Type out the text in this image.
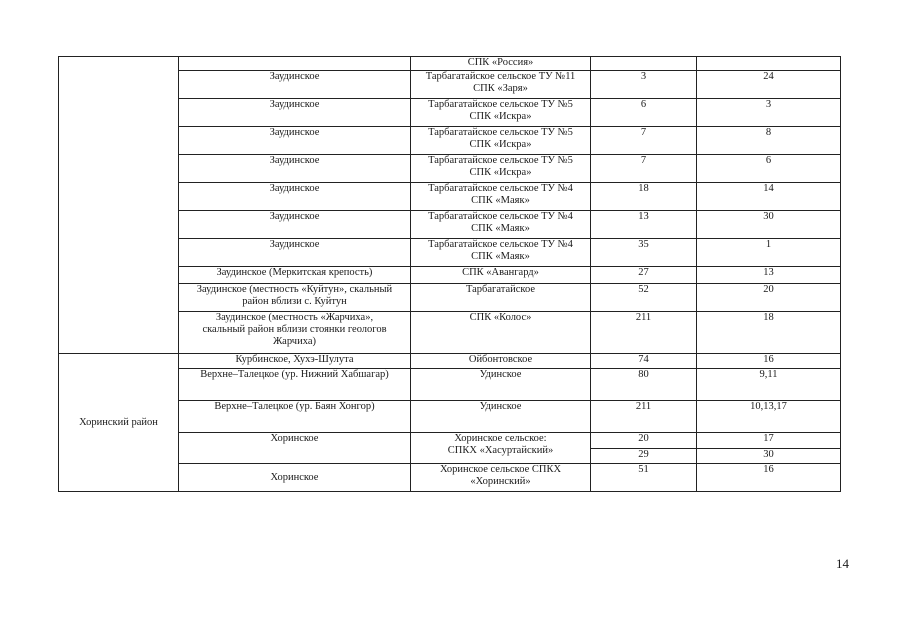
		СПК «Россия»		
	Заудинское	Тарбагатайское сельское ТУ №11
СПК «Заря»	3	24
	Заудинское	Тарбагатайское сельское ТУ №5
СПК «Искра»	6	3
	Заудинское	Тарбагатайское сельское ТУ №5
СПК «Искра»	7	8
	Заудинское	Тарбагатайское сельское ТУ №5
СПК «Искра»	7	6
	Заудинское	Тарбагатайское сельское ТУ №4
СПК «Маяк»	18	14
	Заудинское	Тарбагатайское сельское ТУ №4
СПК «Маяк»	13	30
	Заудинское	Тарбагатайское сельское ТУ №4
СПК «Маяк»	35	1
	Заудинское (Меркитская крепость)	СПК «Авангард»	27	13
	Заудинское (местность «Куйтун», скальный
район вблизи с. Куйтун	Тарбагатайское	52	20
	Заудинское (местность «Жарчиха»,
скальный район вблизи стоянки геологов
Жарчиха)	СПК «Колос»	211	18
Хоринский район	Курбинское, Хухэ-Шулута	Ойбонтовское	74	16
	Верхне–Талецкое (ур. Нижний Хабшагар)	Удинское	80	9,11
	Верхне–Талецкое (ур. Баян Хонгор)	Удинское	211	10,13,17
	Хоринское	Хоринское сельское:
СПКХ «Хасуртайский»	20	17
			29	30
	Хоринское	Хоринское сельское СПКХ
«Хоринский»	51	16
14
